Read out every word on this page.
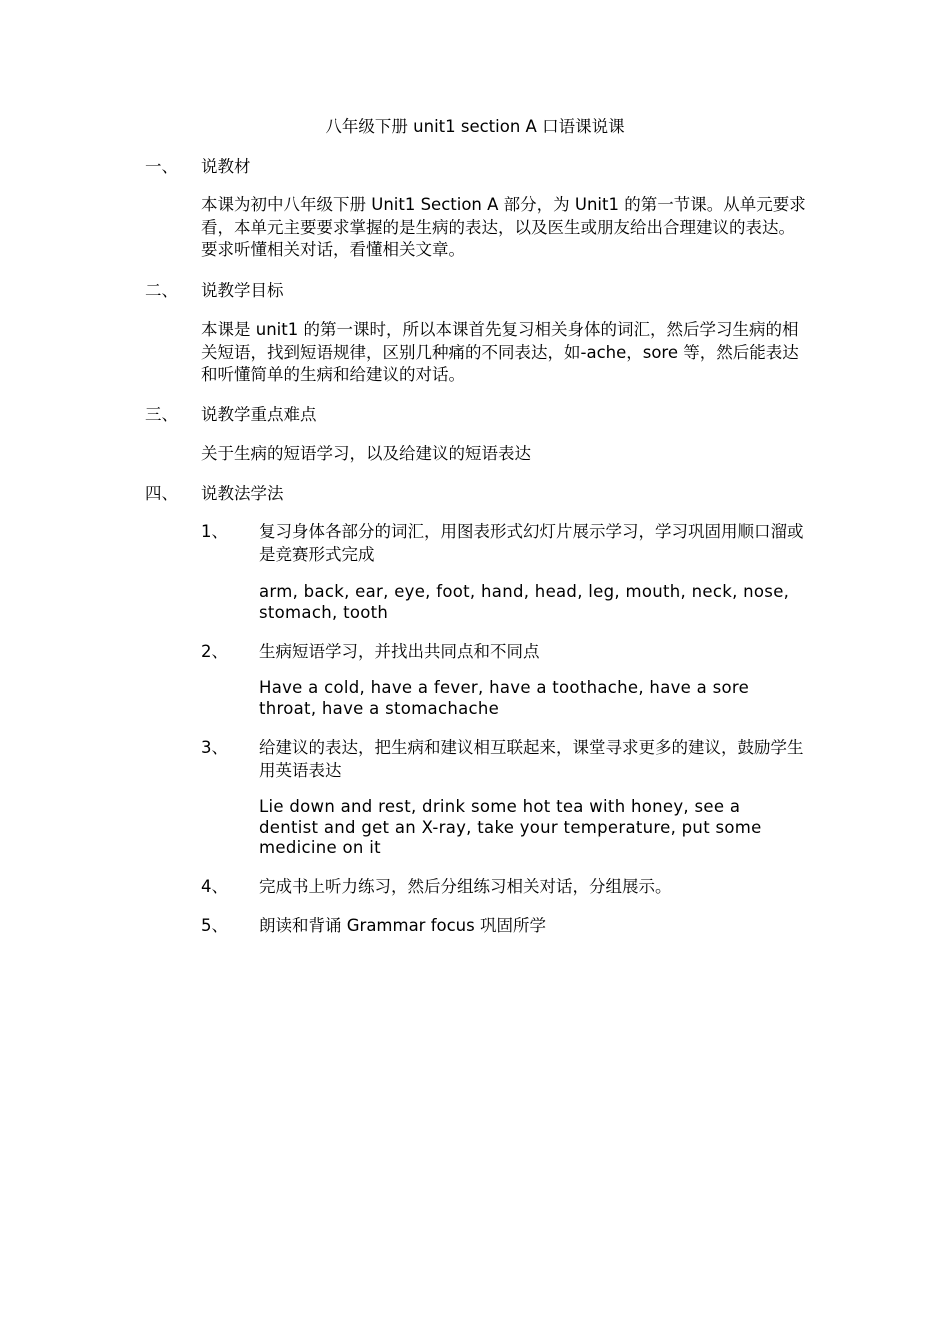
八年级下册 unit1 section A 口语课说课
一、 说教材
本课为初中八年级下册 Unit1 Section A 部分，为 Unit1 的第一节课。从单元要求看，本单元主要要求掌握的是生病的表达，以及医生或朋友给出合理建议的表达。要求听懂相关对话，看懂相关文章。
二、 说教学目标
本课是 unit1 的第一课时，所以本课首先复习相关身体的词汇，然后学习生病的相关短语，找到短语规律，区别几种痛的不同表达，如-ache，sore 等，然后能表达和听懂简单的生病和给建议的对话。
三、 说教学重点难点
关于生病的短语学习，以及给建议的短语表达
四、 说教法学法
1、 复习身体各部分的词汇，用图表形式幻灯片展示学习，学习巩固用顺口溜或是竞赛形式完成
arm, back, ear, eye, foot, hand, head, leg, mouth, neck, nose, stomach, tooth
2、 生病短语学习，并找出共同点和不同点
Have a cold, have a fever, have a toothache, have a sore throat, have a stomachache
3、 给建议的表达，把生病和建议相互联起来，课堂寻求更多的建议，鼓励学生用英语表达
Lie down and rest, drink some hot tea with honey, see a dentist and get an X-ray, take your temperature, put some medicine on it
4、 完成书上听力练习，然后分组练习相关对话，分组展示。
5、 朗读和背诵 Grammar focus 巩固所学
